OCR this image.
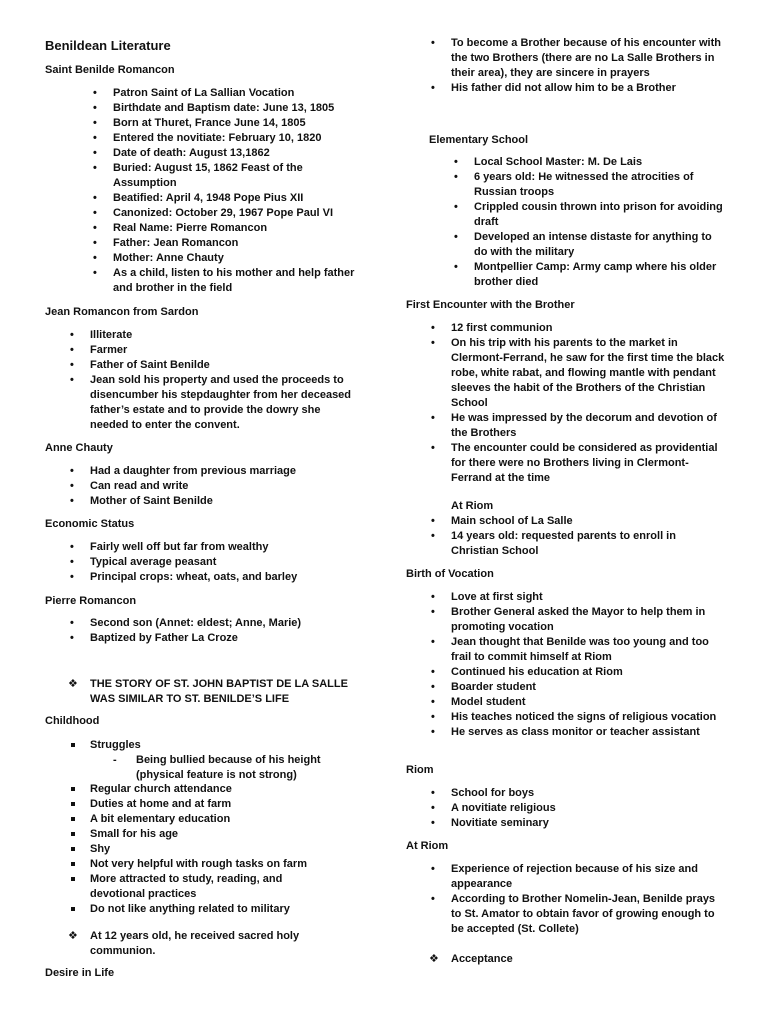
Benildean Literature
Saint Benilde Romancon
• Patron Saint of La Sallian Vocation
• Birthdate and Baptism date: June 13, 1805
• Born at Thuret, France June 14, 1805
• Entered the novitiate: February 10, 1820
• Date of death: August 13,1862
• Buried: August 15, 1862 Feast of the Assumption
• Beatified: April 4, 1948 Pope Pius XII
• Canonized: October 29, 1967 Pope Paul VI
• Real Name: Pierre Romancon
• Father: Jean Romancon
• Mother: Anne Chauty
• As a child, listen to his mother and help father and brother in the field
Jean Romancon from Sardon
• Illiterate
• Farmer
• Father of Saint Benilde
• Jean sold his property and used the proceeds to disencumber his stepdaughter from her deceased father’s estate and to provide the dowry she needed to enter the convent.
Anne Chauty
• Had a daughter from previous marriage
• Can read and write
• Mother of Saint Benilde
Economic Status
• Fairly well off but far from wealthy
• Typical average peasant
• Principal crops: wheat, oats, and barley
Pierre Romancon
• Second son (Annet: eldest; Anne, Marie)
• Baptized by Father La Croze
❖ THE STORY OF ST. JOHN BAPTIST DE LA SALLE WAS SIMILAR TO ST. BENILDE’S LIFE
Childhood
Struggles
- Being bullied because of his height (physical feature is not strong)
Regular church attendance
Duties at home and at farm
A bit elementary education
Small for his age
Shy
Not very helpful with rough tasks on farm
More attracted to study, reading, and devotional practices
Do not like anything related to military
❖ At 12 years old, he received sacred holy communion.
Desire in Life
• To become a Brother because of his encounter with the two Brothers (there are no La Salle Brothers in their area), they are sincere in prayers
• His father did not allow him to be a Brother
Elementary School
• Local School Master: M. De Lais
• 6 years old: He witnessed the atrocities of Russian troops
• Crippled cousin thrown into prison for avoiding draft
• Developed an intense distaste for anything to do with the military
• Montpellier Camp: Army camp where his older brother died
First Encounter with the Brother
• 12 first communion
• On his trip with his parents to the market in Clermont-Ferrand, he saw for the first time the black robe, white rabat, and flowing mantle with pendant sleeves the habit of the Brothers of the Christian School
• He was impressed by the decorum and devotion of the Brothers
• The encounter could be considered as providential for there were no Brothers living in Clermont-Ferrand at the time
At Riom
• Main school of La Salle
• 14 years old: requested parents to enroll in Christian School
Birth of Vocation
• Love at first sight
• Brother General asked the Mayor to help them in promoting vocation
• Jean thought that Benilde was too young and too frail to commit himself at Riom
• Continued his education at Riom
• Boarder student
• Model student
• His teaches noticed the signs of religious vocation
• He serves as class monitor or teacher assistant
Riom
• School for boys
• A novitiate religious
• Novitiate seminary
At Riom
• Experience of rejection because of his size and appearance
• According to Brother Nomelin-Jean, Benilde prays to St. Amator to obtain favor of growing enough to be accepted (St. Collete)
❖ Acceptance
